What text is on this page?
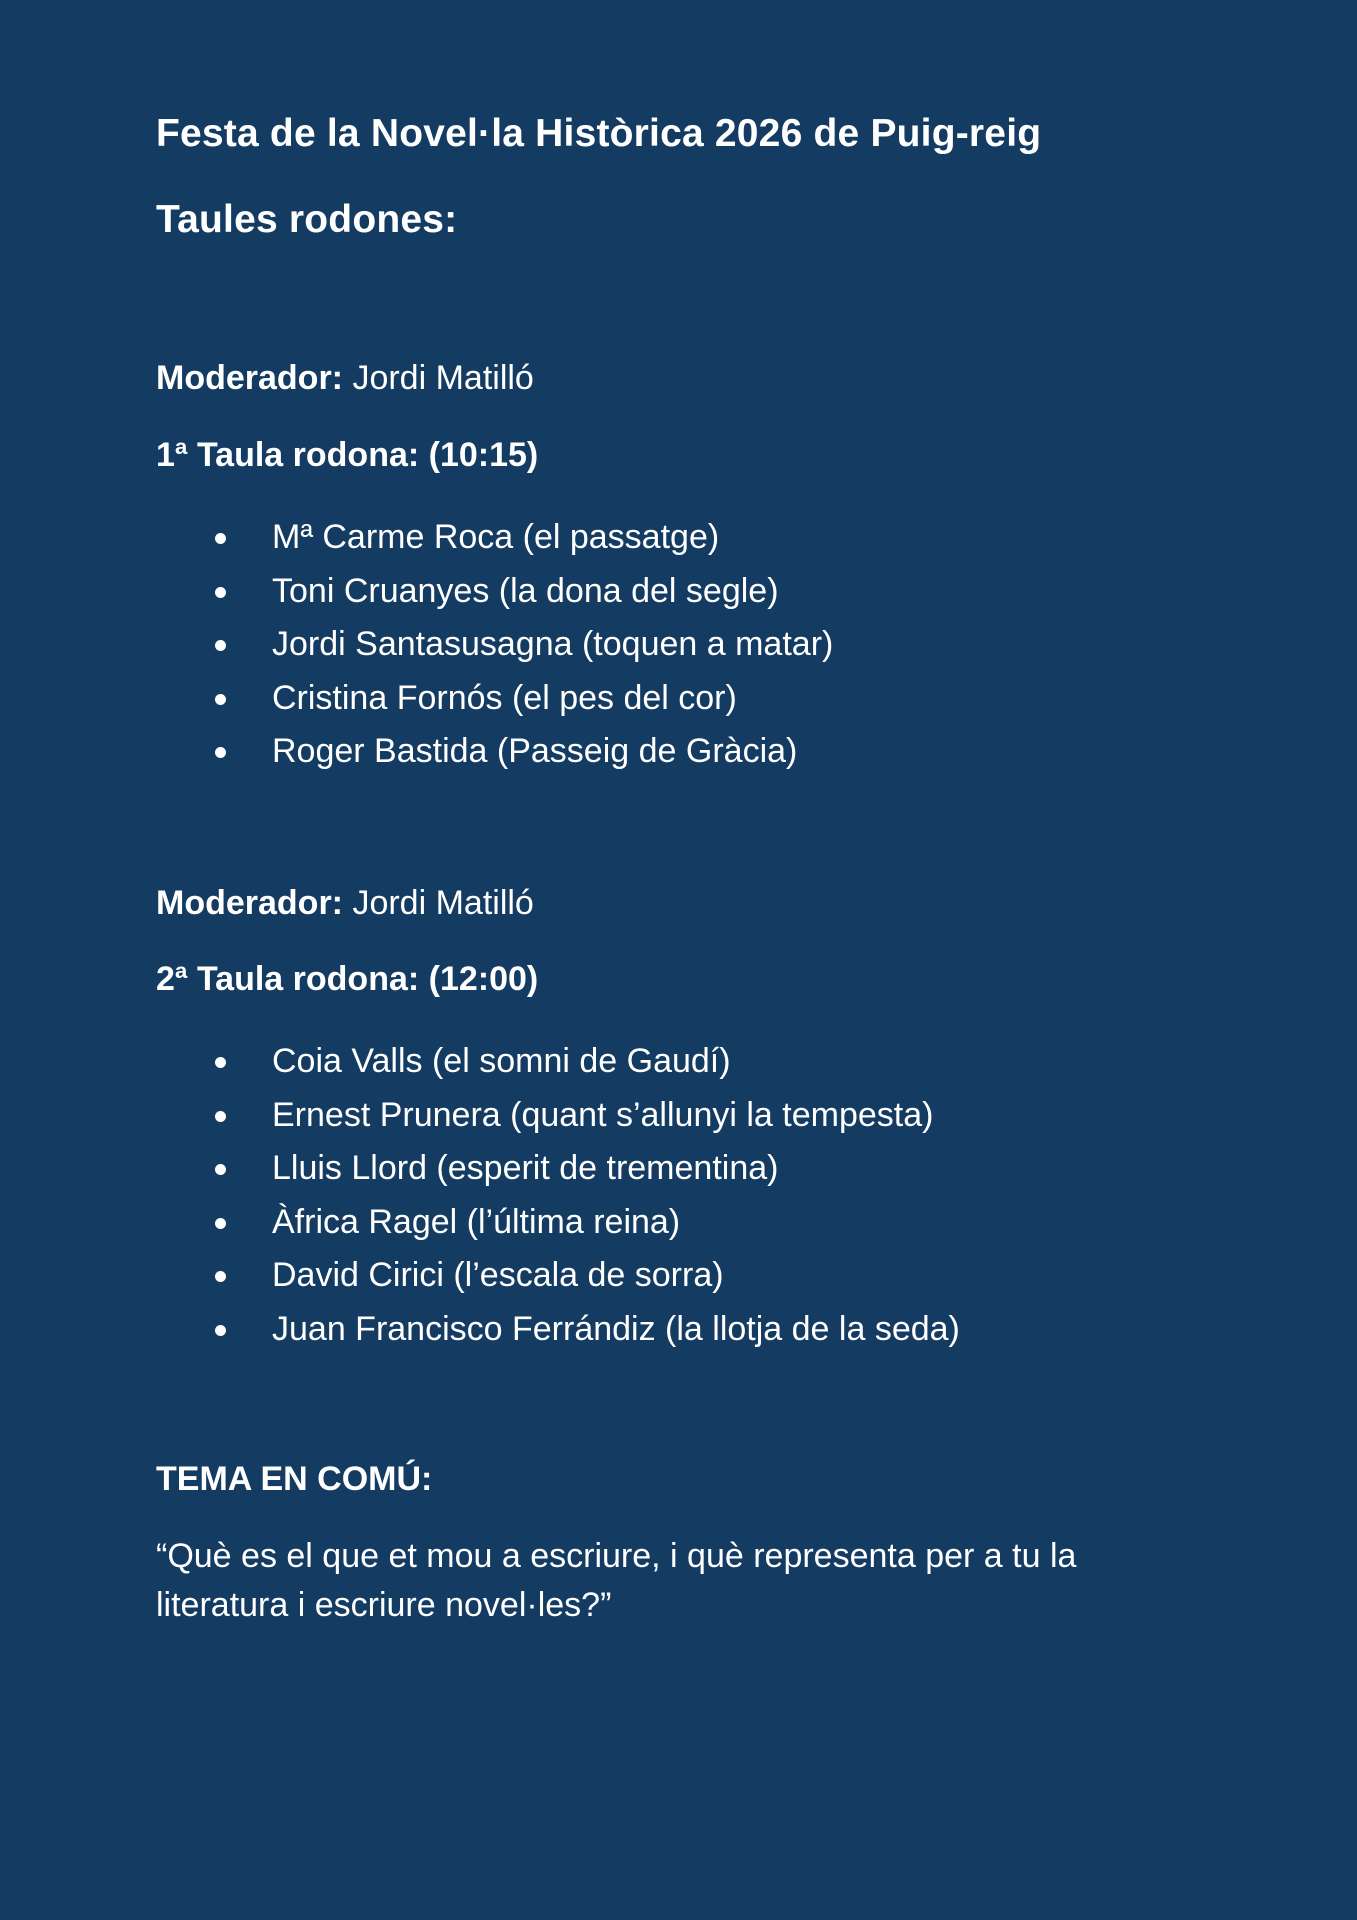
Festa de la Novel·la Històrica 2026 de Puig-reig
Taules rodones:

Moderador: Jordi Matilló

1ª Taula rodona: (10:15)
Mª Carme Roca (el passatge)
Toni Cruanyes (la dona del segle)
Jordi Santasusagna (toquen a matar)
Cristina Fornós (el pes del cor)
Roger Bastida (Passeig de Gràcia)

Moderador: Jordi Matilló

2ª Taula rodona: (12:00)
Coia Valls (el somni de Gaudí)
Ernest Prunera (quant s’allunyi la tempesta)
Lluis Llord (esperit de trementina)
Àfrica Ragel (l’última reina)
David Cirici (l’escala de sorra)
Juan Francisco Ferrándiz (la llotja de la seda)
TEMA EN COMÚ:

“Què es el que et mou a escriure, i què representa per a tu la literatura i escriure novel·les?”
